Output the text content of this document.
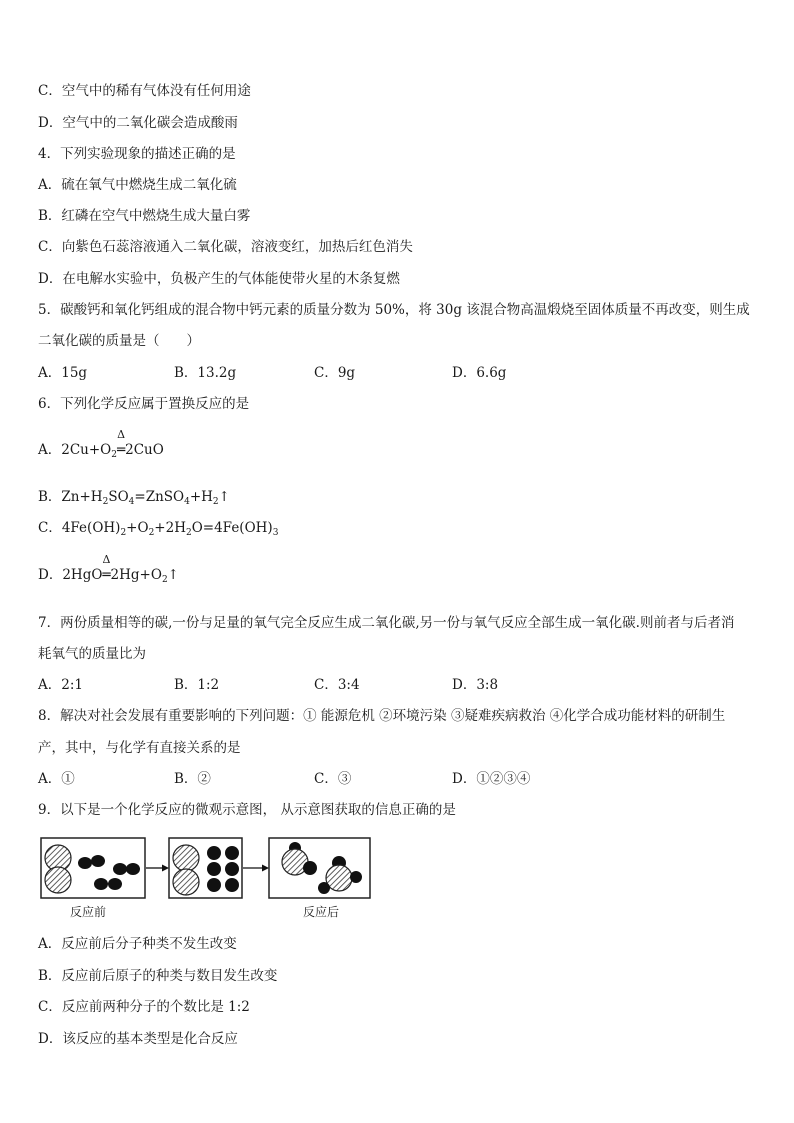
C．空气中的稀有气体没有任何用途
D．空气中的二氧化碳会造成酸雨
4．下列实验现象的描述正确的是
A．硫在氧气中燃烧生成二氧化硫
B．红磷在空气中燃烧生成大量白雾
C．向紫色石蕊溶液通入二氧化碳，溶液变红，加热后红色消失
D．在电解水实验中，负极产生的气体能使带火星的木条复燃
5．碳酸钙和氧化钙组成的混合物中钙元素的质量分数为 50%，将 30g 该混合物高温煅烧至固体质量不再改变，则生成
二氧化碳的质量是（　　）
A．15g	B．13.2g	C．9g	D．6.6g
6．下列化学反应属于置换反应的是
A．$2Cu+O_2$
Δ
═2CuO
B．$Zn+H_2SO_4=ZnSO_4+H_2↑$
C．$4Fe(OH)_2+O_2+2H_2O=4Fe(OH)_3$
D．2HgO
Δ
$═2Hg+O_2↑$
7．两份质量相等的碳,一份与足量的氧气完全反应生成二氧化碳,另一份与氧气反应全部生成一氧化碳.则前者与后者消
耗氧气的质量比为
A．2:1	B．1:2	C．3:4	D．3:8
8．解决对社会发展有重要影响的下列问题：① 能源危机 ②环境污染 ③疑难疾病救治 ④化学合成功能材料的研制生
产，其中，与化学有直接关系的是
A．①	B．②	C．③	D．①②③④
9．以下是一个化学反应的微观示意图， 从示意图获取的信息正确的是
反应前	反应后
A．反应前后分子种类不发生改变
B．反应前后原子的种类与数目发生改变
C．反应前两种分子的个数比是 1:2
D．该反应的基本类型是化合反应
